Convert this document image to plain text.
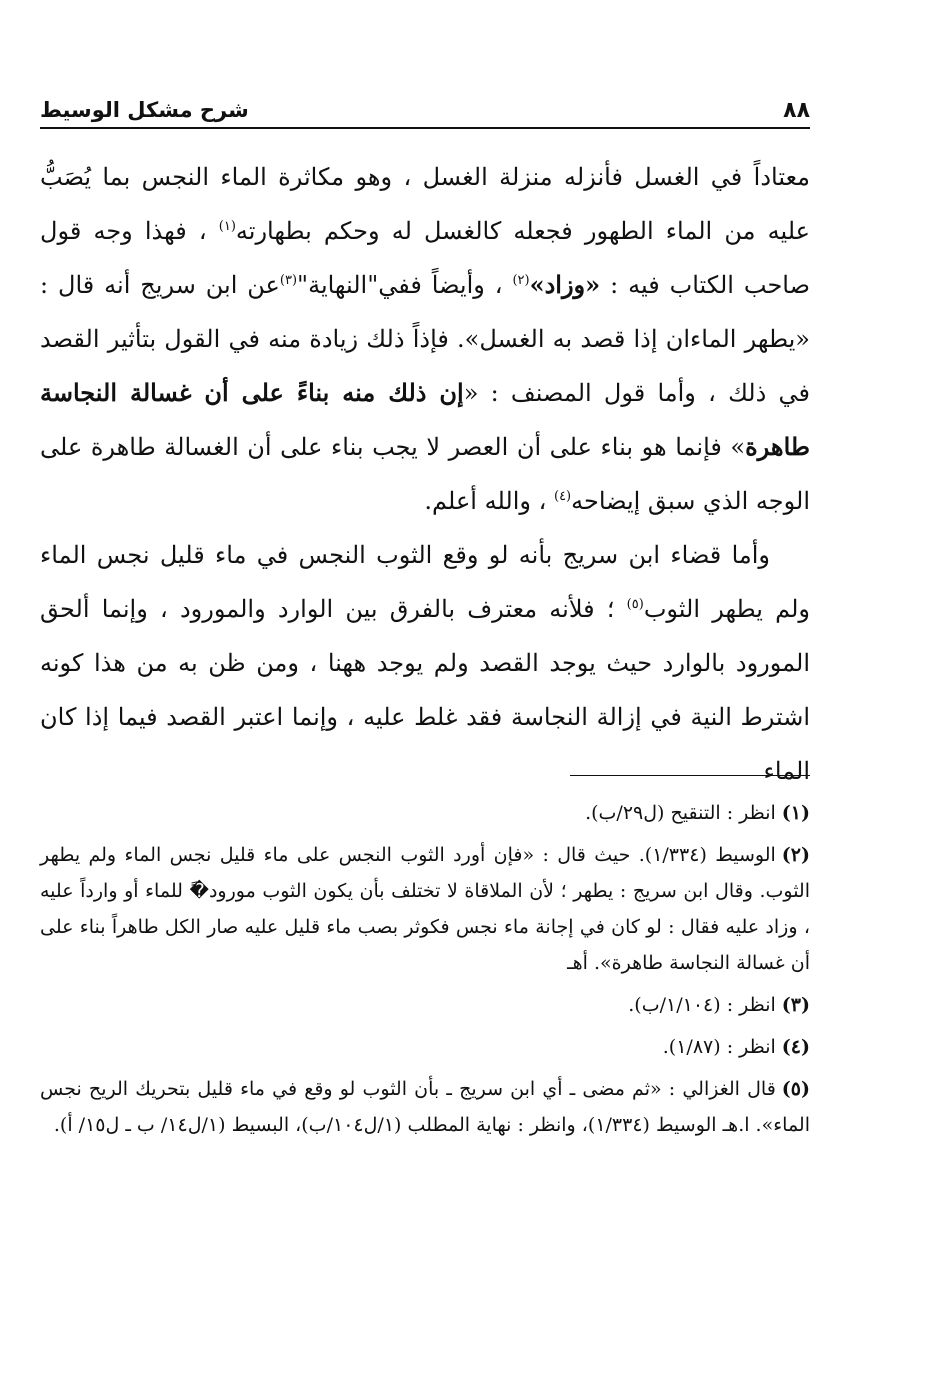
٨٨
شرح مشكل الوسيط

معتاداً في الغسل فأنزله منزلة الغسل ، وهو مكاثرة الماء النجس بما يُصَبُّ عليه من الماء الطهور فجعله كالغسل له وحكم بطهارته$^{(١)}$ ، فهذا وجه قول صاحب الكتاب فيه : «وزاد»$^{(٢)}$ ، وأيضاً ففي"النهاية"$^{(٣)}$عن ابن سريج أنه قال : «يطهر الماءان إذا قصد به الغسل». فإذاً ذلك زيادة منه في القول بتأثير القصد في ذلك ، وأما قول المصنف : «إن ذلك منه بناءً على أن غسالة النجاسة طاهرة» فإنما هو بناء على أن العصر لا يجب بناء على أن الغسالة طاهرة على الوجه الذي سبق إيضاحه$^{(٤)}$ ، والله أعلم.

وأما قضاء ابن سريج بأنه لو وقع الثوب النجس في ماء قليل نجس الماء ولم يطهر الثوب$^{(٥)}$ ؛ فلأنه معترف بالفرق بين الوارد والمورود ، وإنما ألحق المورود بالوارد حيث يوجد القصد ولم يوجد ههنا ، ومن ظن به من هذا كونه اشترط النية في إزالة النجاسة فقد غلط عليه ، وإنما اعتبر القصد فيما إذا كان الماء

(١)انظر : التنقيح (ل٢٩/ب).

(٢)الوسيط (١/٣٣٤). حيث قال : «فإن أورد الثوب النجس على ماء قليل نجس الماء ولم يطهر الثوب. وقال ابن سريج : يطهر ؛ لأن الملاقاة لا تختلف بأن يكون الثوب مورود�ً للماء أو وارداً عليه ، وزاد عليه فقال : لو كان في إجانة ماء نجس فكوثر بصب ماء قليل عليه صار الكل طاهراً بناء على أن غسالة النجاسة طاهرة». أهـ

(٣)انظر : (١/١٠٤/ب).

(٤)انظر : (١/٨٧).

(٥)قال الغزالي : «ثم مضى ـ أي ابن سريج ـ بأن الثوب لو وقع في ماء قليل بتحريك الريح نجس الماء». ا.هـ الوسيط (١/٣٣٤)، وانظر : نهاية المطلب (١/ل١٠٤/ب)، البسيط (١/ل١٤/ ب ـ ل١٥/ أ).
